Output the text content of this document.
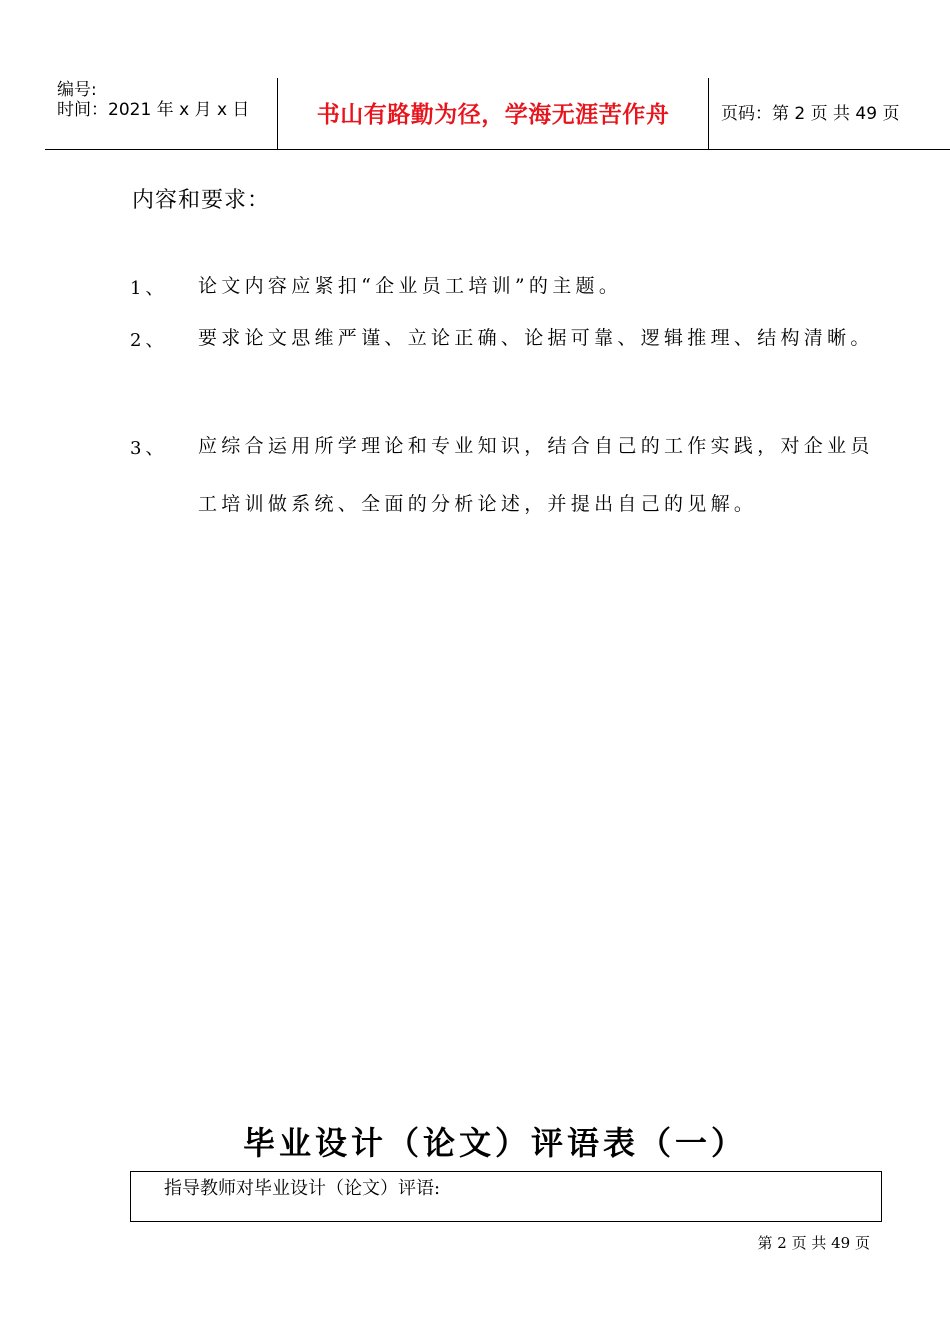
编号:
时间：2021 年 x 月 x 日	书山有路勤为径，学海无涯苦作舟	页码：第 2 页 共 49 页
内容和要求：
1、 论文内容应紧扣“企业员工培训”的主题。
2、 要求论文思维严谨、立论正确、论据可靠、逻辑推理、结构清晰。
3、 应综合运用所学理论和专业知识，结合自己的工作实践，对企业员工培训做系统、全面的分析论述，并提出自己的见解。
毕业设计（论文）评语表（一）
指导教师对毕业设计（论文）评语:
第 2 页 共 49 页
